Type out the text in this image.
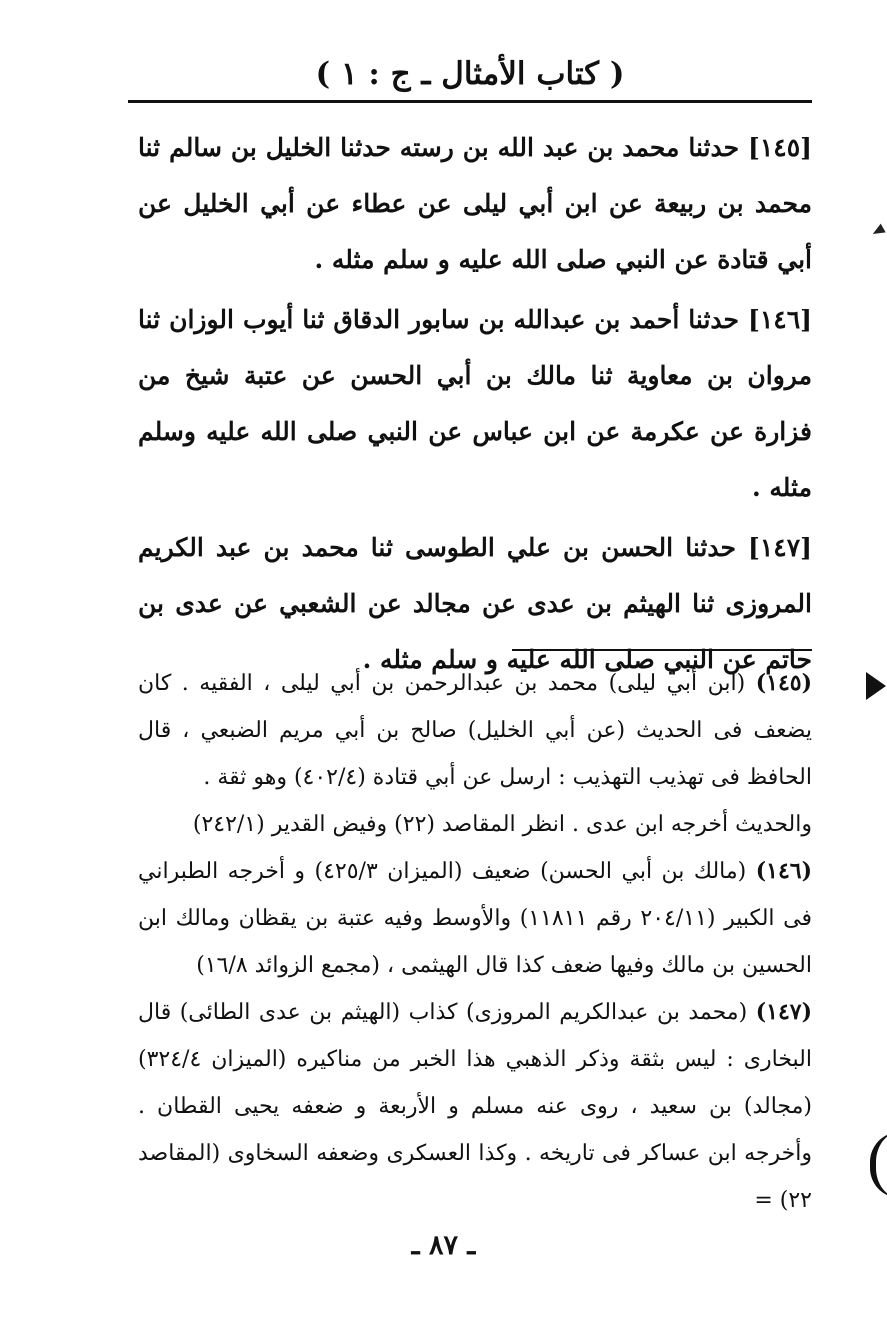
( كتاب الأمثال ـ ج : ١ )

[١٤٥] حدثنا محمد بن عبد الله بن رسته حدثنا الخليل بن سالم ثنا محمد بن ربيعة عن ابن أبي ليلى عن عطاء عن أبي الخليل عن أبي قتادة عن النبي صلى الله عليه و سلم مثله .

[١٤٦] حدثنا أحمد بن عبدالله بن سابور الدقاق ثنا أيوب الوزان ثنا مروان بن معاوية ثنا مالك بن أبي الحسن عن عتبة شيخ من فزارة عن عكرمة عن ابن عباس عن النبي صلى الله عليه وسلم مثله .

[١٤٧] حدثنا الحسن بن علي الطوسى ثنا محمد بن عبد الكريم المروزى ثنا الهيثم بن عدى عن مجالد عن الشعبي عن عدى بن حاتم عن النبي صلى الله عليه و سلم مثله .

(١٤٥) (ابن أبي ليلى) محمد بن عبدالرحمن بن أبي ليلى ، الفقيه . كان يضعف فى الحديث (عن أبي الخليل) صالح بن أبي مريم الضبعي ، قال الحافظ فى تهذيب التهذيب : ارسل عن أبي قتادة (٤٠٢/٤) وهو ثقة .
والحديث أخرجه ابن عدى . انظر المقاصد (٢٢) وفيض القدير (٢٤٢/١)
(١٤٦) (مالك بن أبي الحسن) ضعيف (الميزان ٤٢٥/٣) و أخرجه الطبراني فى الكبير (٢٠٤/١١ رقم ١١٨١١) والأوسط وفيه عتبة بن يقظان ومالك ابن الحسين بن مالك وفيها ضعف كذا قال الهيثمى ، (مجمع الزوائد ١٦/٨)
(١٤٧) (محمد بن عبدالكريم المروزى) كذاب (الهيثم بن عدى الطائى) قال البخارى : ليس بثقة وذكر الذهبي هذا الخبر من مناكيره (الميزان ٣٢٤/٤) (مجالد) بن سعيد ، روى عنه مسلم و الأربعة و ضعفه يحيى القطان . وأخرجه ابن عساكر فى تاريخه . وكذا العسكرى وضعفه السخاوى (المقاصد ٢٢) =
ـ ٨٧ ـ
